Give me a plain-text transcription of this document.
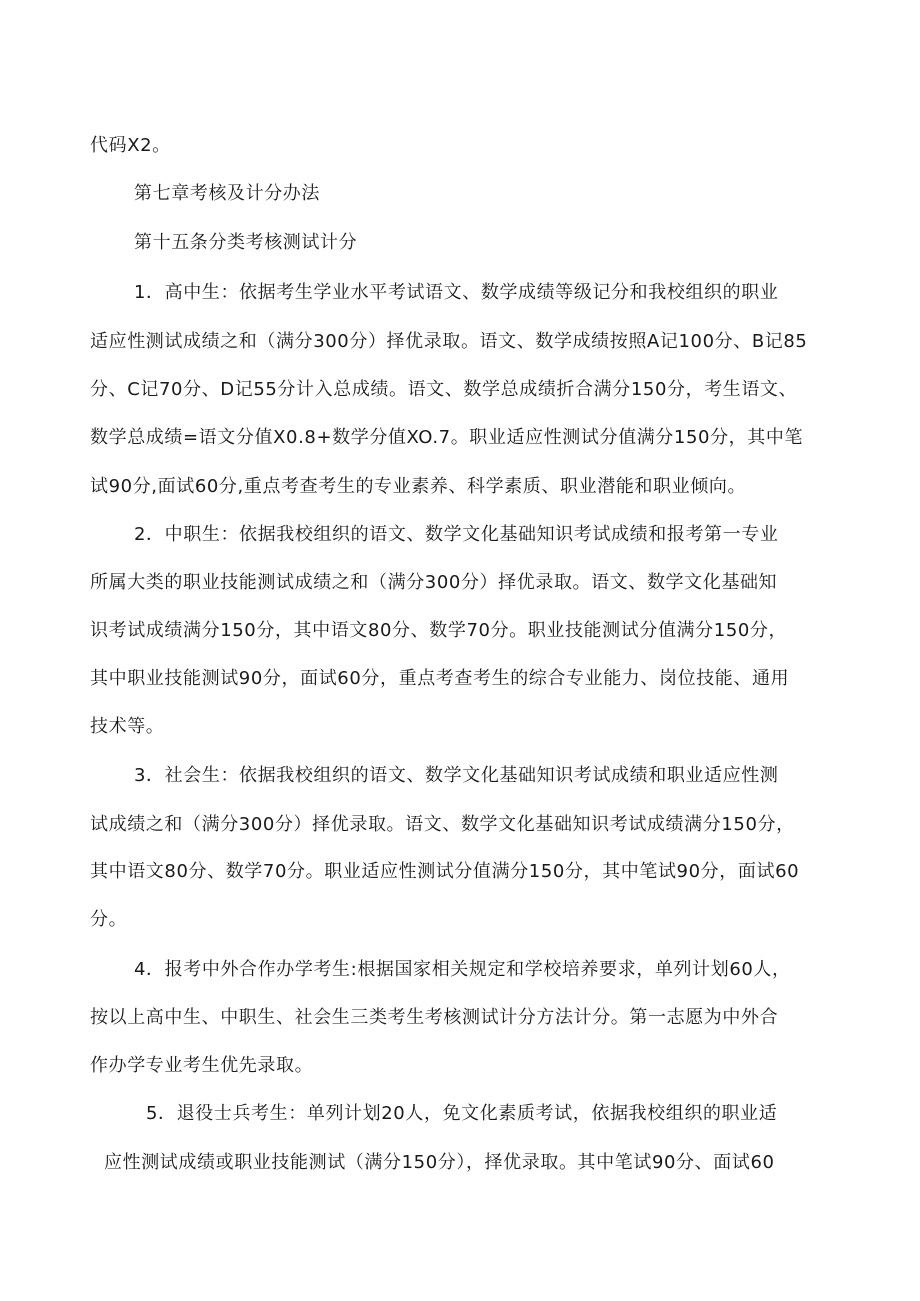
代码X2。
第七章考核及计分办法
第十五条分类考核测试计分
1．高中生：依据考生学业水平考试语文、数学成绩等级记分和我校组织的职业
适应性测试成绩之和（满分300分）择优录取。语文、数学成绩按照A记100分、B记85
分、C记70分、D记55分计入总成绩。语文、数学总成绩折合满分150分，考生语文、
数学总成绩=语文分值X0.8+数学分值XO.7。职业适应性测试分值满分150分，其中笔
试90分,面试60分,重点考查考生的专业素养、科学素质、职业潜能和职业倾向。
2．中职生：依据我校组织的语文、数学文化基础知识考试成绩和报考第一专业
所属大类的职业技能测试成绩之和（满分300分）择优录取。语文、数学文化基础知
识考试成绩满分150分，其中语文80分、数学70分。职业技能测试分值满分150分，
其中职业技能测试90分，面试60分，重点考查考生的综合专业能力、岗位技能、通用
技术等。
3．社会生：依据我校组织的语文、数学文化基础知识考试成绩和职业适应性测
试成绩之和（满分300分）择优录取。语文、数学文化基础知识考试成绩满分150分，
其中语文80分、数学70分。职业适应性测试分值满分150分，其中笔试90分，面试60
分。
4．报考中外合作办学考生:根据国家相关规定和学校培养要求，单列计划60人，
按以上高中生、中职生、社会生三类考生考核测试计分方法计分。第一志愿为中外合
作办学专业考生优先录取。
5．退役士兵考生：单列计划20人，免文化素质考试，依据我校组织的职业适
应性测试成绩或职业技能测试（满分150分），择优录取。其中笔试90分、面试60
